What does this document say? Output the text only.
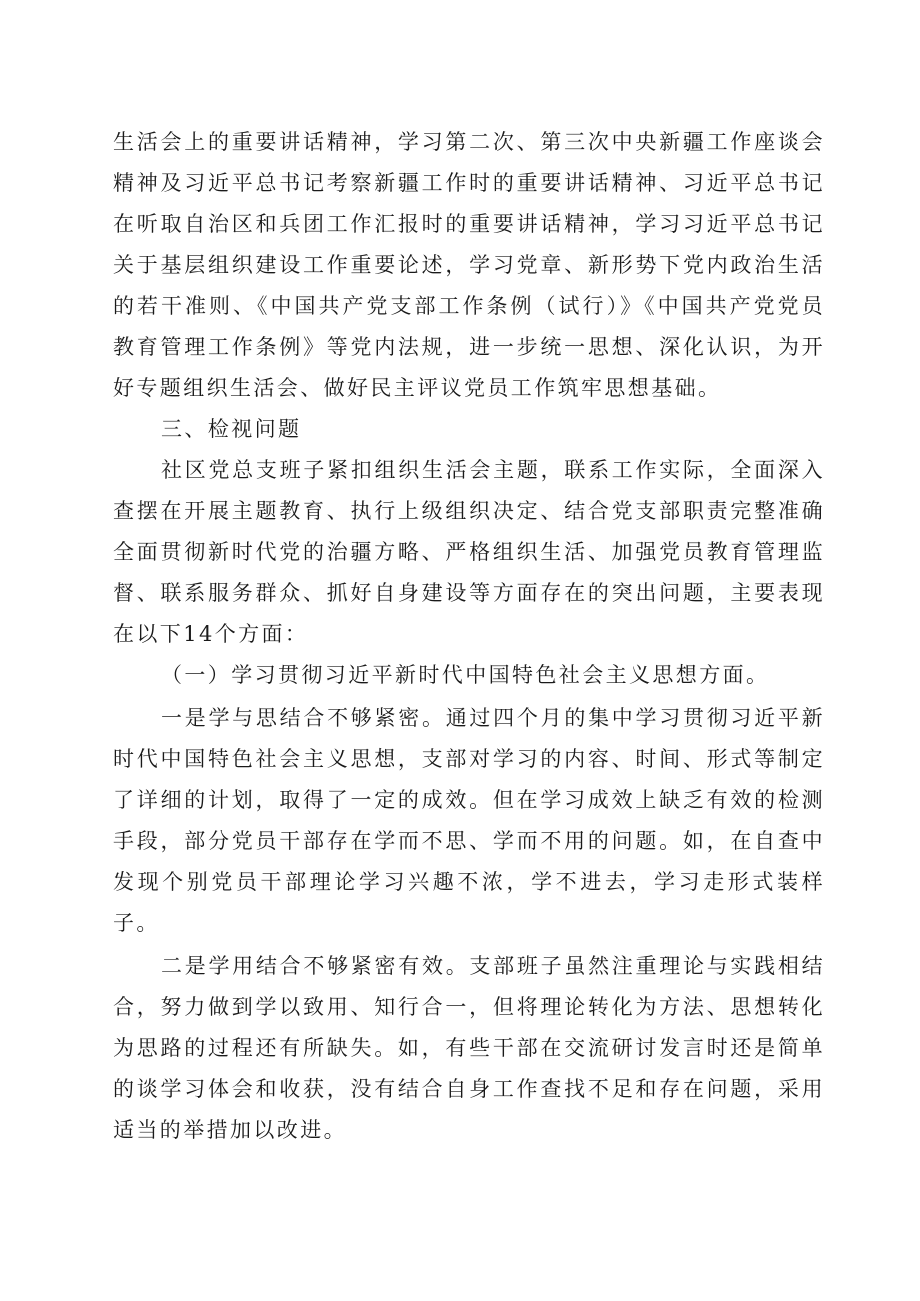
生活会上的重要讲话精神，学习第二次、第三次中央新疆工作座谈会精神及习近平总书记考察新疆工作时的重要讲话精神、习近平总书记在听取自治区和兵团工作汇报时的重要讲话精神，学习习近平总书记关于基层组织建设工作重要论述，学习党章、新形势下党内政治生活的若干准则、《中国共产党支部工作条例（试行）》《中国共产党党员教育管理工作条例》等党内法规，进一步统一思想、深化认识，为开好专题组织生活会、做好民主评议党员工作筑牢思想基础。

三、检视问题

社区党总支班子紧扣组织生活会主题，联系工作实际，全面深入查摆在开展主题教育、执行上级组织决定、结合党支部职责完整准确全面贯彻新时代党的治疆方略、严格组织生活、加强党员教育管理监督、联系服务群众、抓好自身建设等方面存在的突出问题，主要表现在以下14个方面：

（一）学习贯彻习近平新时代中国特色社会主义思想方面。

一是学与思结合不够紧密。通过四个月的集中学习贯彻习近平新时代中国特色社会主义思想，支部对学习的内容、时间、形式等制定了详细的计划，取得了一定的成效。但在学习成效上缺乏有效的检测手段，部分党员干部存在学而不思、学而不用的问题。如，在自查中发现个别党员干部理论学习兴趣不浓，学不进去，学习走形式装样子。

二是学用结合不够紧密有效。支部班子虽然注重理论与实践相结合，努力做到学以致用、知行合一，但将理论转化为方法、思想转化为思路的过程还有所缺失。如，有些干部在交流研讨发言时还是简单的谈学习体会和收获，没有结合自身工作查找不足和存在问题，采用适当的举措加以改进。
